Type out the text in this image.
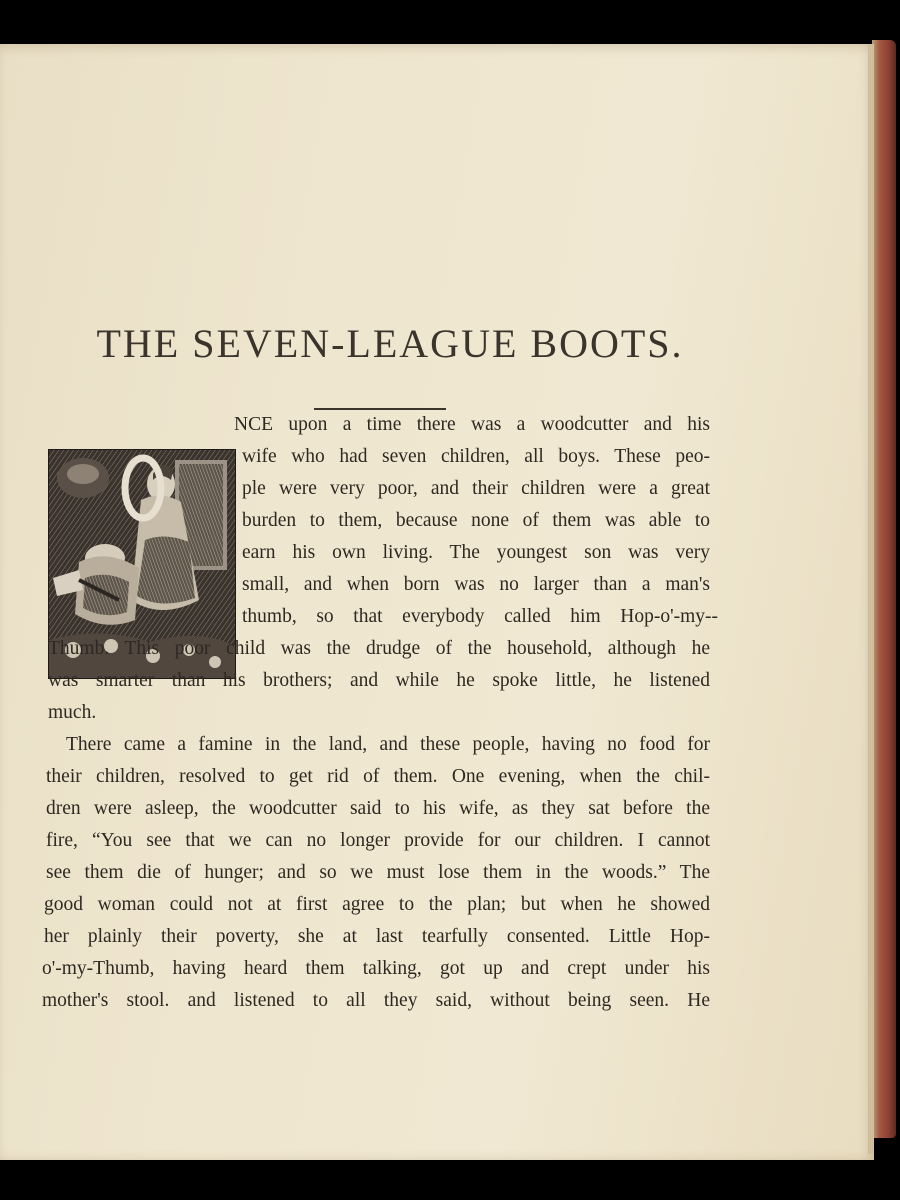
THE SEVEN-LEAGUE BOOTS.
NCE upon a time there was a woodcutter and his
wife who had seven children, all boys. These peo-
ple were very poor, and their children were a great
burden to them, because none of them was able to
earn his own living. The youngest son was very
small, and when born was no larger than a man's
thumb, so that everybody called him Hop-o'-my--
Thumb. This poor child was the drudge of the household, although he
was smarter than his brothers; and while he spoke little, he listened
much.
There came a famine in the land, and these people, having no food for
their children, resolved to get rid of them. One evening, when the chil-
dren were asleep, the woodcutter said to his wife, as they sat before the
fire, “You see that we can no longer provide for our children. I cannot
see them die of hunger; and so we must lose them in the woods.” The
good woman could not at first agree to the plan; but when he showed
her plainly their poverty, she at last tearfully consented. Little Hop-
o'-my-Thumb, having heard them talking, got up and crept under his
mother's stool. and listened to all they said, without being seen. He
